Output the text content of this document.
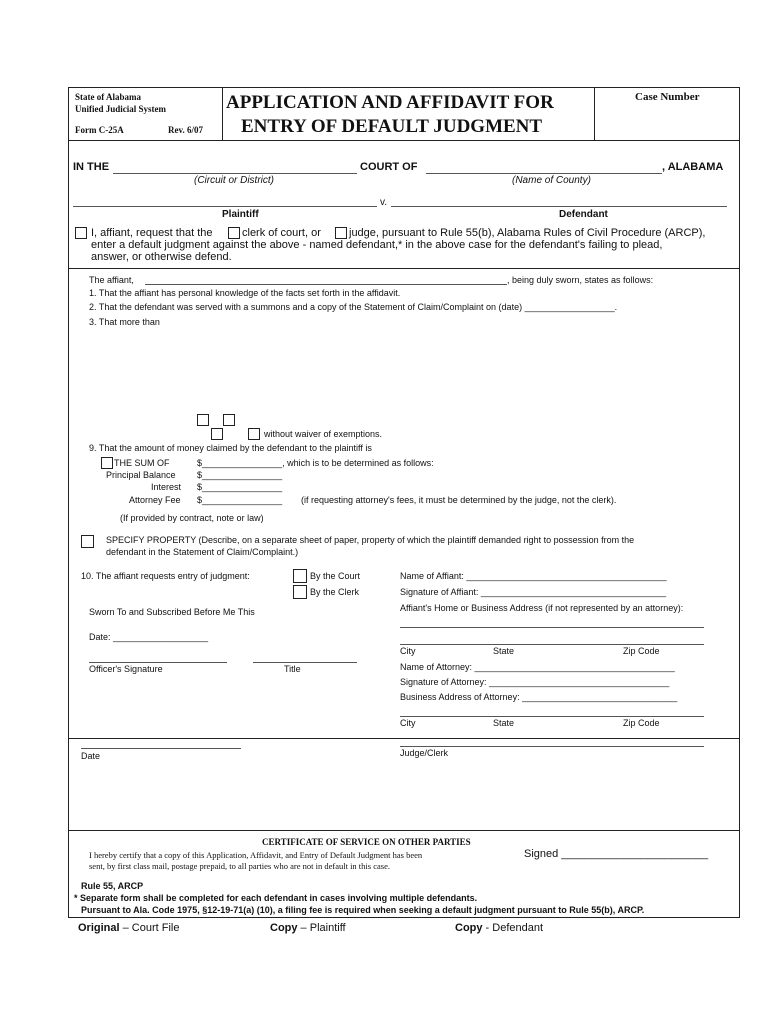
State of Alabama
Unified Judicial System
Form C-25A	Rev. 6/07
APPLICATION AND AFFIDAVIT FOR
ENTRY OF DEFAULT JUDGMENT
Case Number
IN THE	COURT OF	, ALABAMA
(Circuit or District)	(Name of County)
v.
Plaintiff	Defendant
I, affiant, request that the	clerk of court, or	judge, pursuant to Rule 55(b), Alabama Rules of Civil Procedure (ARCP),
enter a default judgment against the above - named defendant,* in the above case for the defendant's failing to plead,
answer, or otherwise defend.
The affiant,	, being duly sworn, states as follows:
1. That the affiant has personal knowledge of the facts set forth in the affidavit.
2. That the defendant was served with a summons and a copy of the Statement of Claim/Complaint on (date) __________________.
3. That more than
without waiver of exemptions.
9. That the amount of money claimed by the defendant to the plaintiff is
THE SUM OF	$________________, which is to be determined as follows:
Principal Balance $________________
Interest $________________
Attorney Fee $________________ (if requesting attorney's fees, it must be determined by the judge, not the clerk).
(If provided by contract, note or law)
SPECIFY PROPERTY (Describe, on a separate sheet of paper, property of which the plaintiff demanded right to possession from the
defendant in the Statement of Claim/Complaint.)
10. The affiant requests entry of judgment:	By the Court
By the Clerk
Sworn To and Subscribed Before Me This
Date: ___________________
Officer's Signature	Title
Name of Affiant: ________________________________________
Signature of Affiant: _____________________________________
Affiant's Home or Business Address (if not represented by an attorney):
City	State	Zip Code
Name of Attorney: ________________________________________
Signature of Attorney: ____________________________________
Business Address of Attorney: _______________________________
City	State	Zip Code
Date	Judge/Clerk
CERTIFICATE OF SERVICE ON OTHER PARTIES
I hereby certify that a copy of this Application, Affidavit, and Entry of Default Judgment has been
sent, by first class mail, postage prepaid, to all parties who are not in default in this case.
Signed ________________________
Rule 55, ARCP
* Separate form shall be completed for each defendant in cases involving multiple defendants.
Pursuant to Ala. Code 1975, §12-19-71(a) (10), a filing fee is required when seeking a default judgment pursuant to Rule 55(b), ARCP.
Original – Court File	Copy – Plaintiff	Copy - Defendant
